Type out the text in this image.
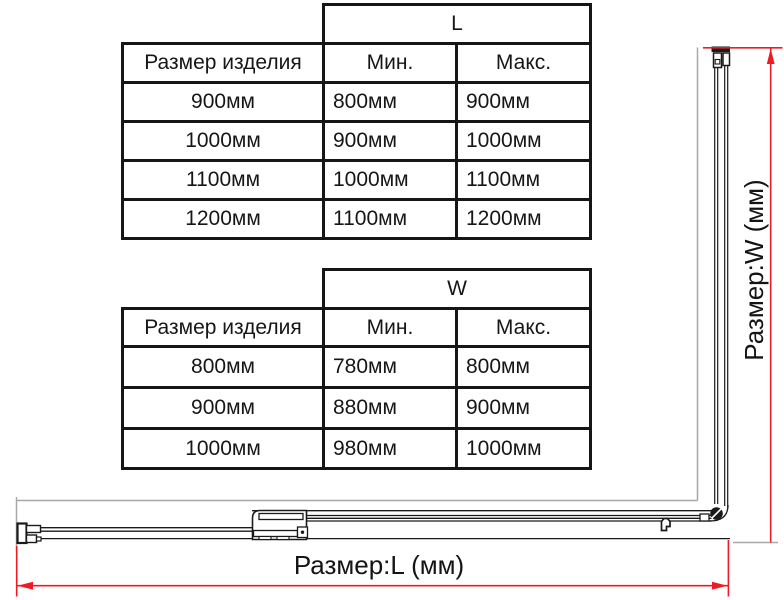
	L	
Размер изделия	Мин.	Макс.
900мм	800мм	900мм
1000мм	900мм	1000мм
1100мм	1000мм	1100мм
1200мм	1100мм	1200мм
	W	
Размер изделия	Мин.	Макс.
800мм	780мм	800мм
900мм	880мм	900мм
1000мм	980мм	1000мм
Размер:L (мм)
Размер:W (мм)
